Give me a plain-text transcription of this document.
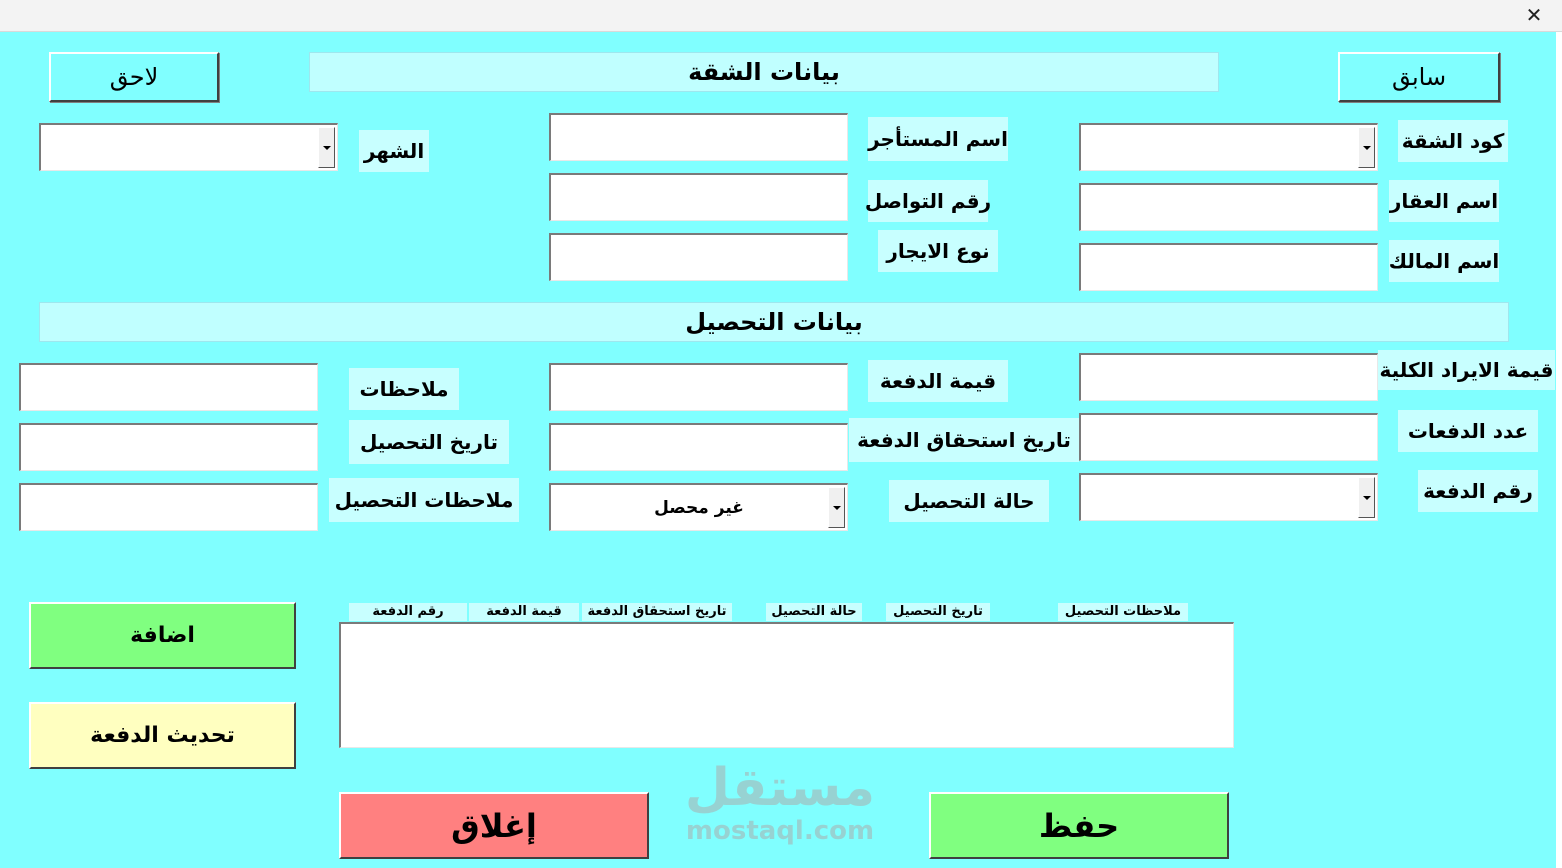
✕
لاحق	سابق
بيانات الشقة
كود الشقة
اسم العقار
اسم المالك
اسم المستأجر
رقم التواصل
نوع الايجار
الشهر
بيانات التحصيل
قيمة الايراد الكلية
عدد الدفعات
رقم الدفعة
قيمة الدفعة
تاريخ استحقاق الدفعة
حالة التحصيل
غير محصل
ملاحظات
تاريخ التحصيل
ملاحظات التحصيل
رقم الدفعة	قيمة الدفعة	تاريخ استحقاق الدفعة	حالة التحصيل	تاريخ التحصيل	ملاحظات التحصيل
اضافة
تحديث الدفعة
إغلاق	حفظ
مستقل
mostaql.com
